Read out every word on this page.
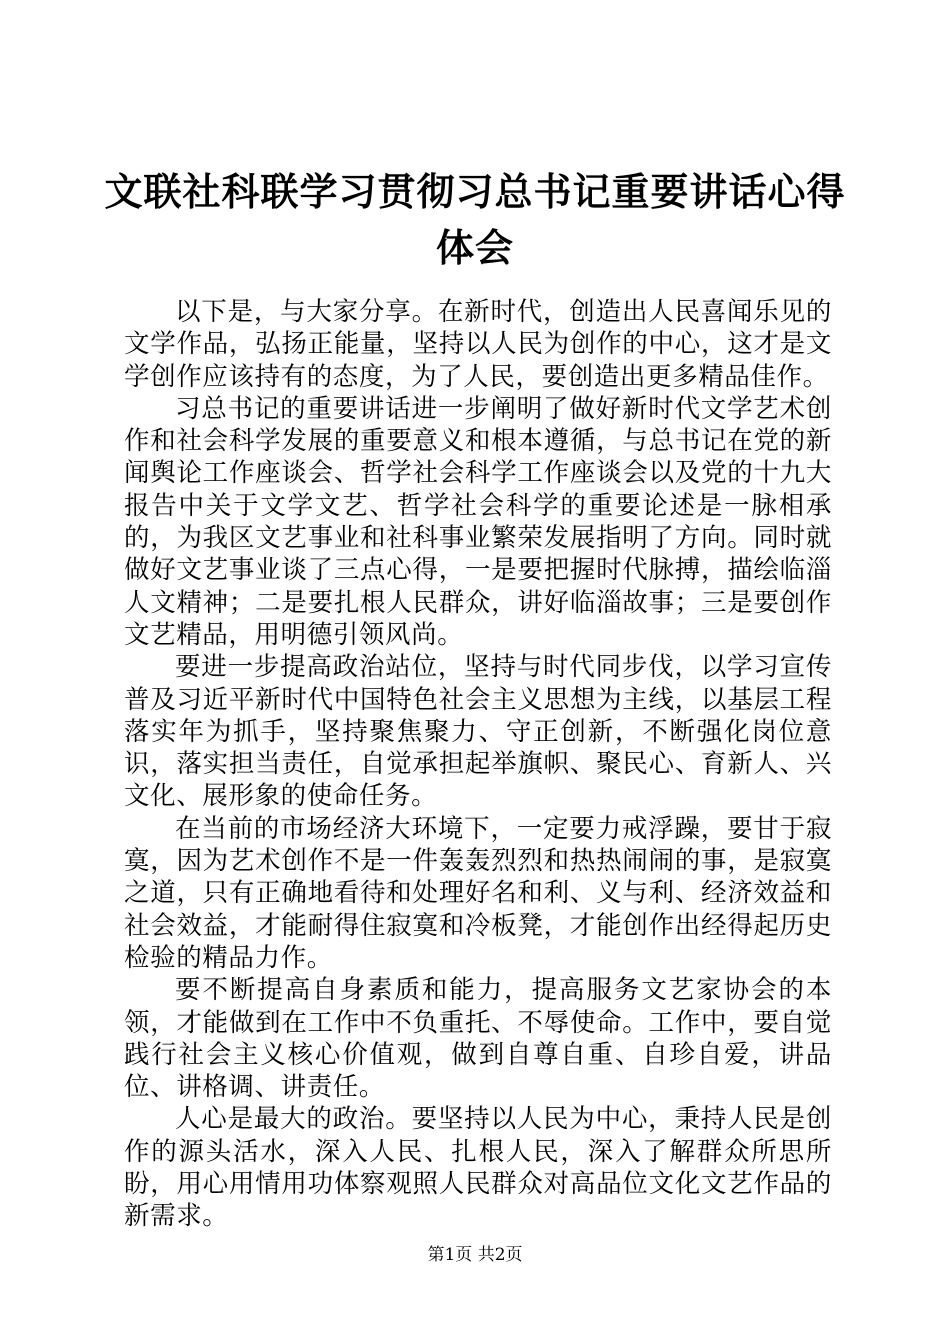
文联社科联学习贯彻习总书记重要讲话心得体会

以下是，与大家分享。在新时代，创造出人民喜闻乐见的文学作品，弘扬正能量，坚持以人民为创作的中心，这才是文学创作应该持有的态度，为了人民，要创造出更多精品佳作。

习总书记的重要讲话进一步阐明了做好新时代文学艺术创作和社会科学发展的重要意义和根本遵循，与总书记在党的新闻舆论工作座谈会、哲学社会科学工作座谈会以及党的十九大报告中关于文学文艺、哲学社会科学的重要论述是一脉相承的，为我区文艺事业和社科事业繁荣发展指明了方向。同时就做好文艺事业谈了三点心得，一是要把握时代脉搏，描绘临淄人文精神；二是要扎根人民群众，讲好临淄故事；三是要创作文艺精品，用明德引领风尚。

要进一步提高政治站位，坚持与时代同步伐，以学习宣传普及习近平新时代中国特色社会主义思想为主线，以基层工程落实年为抓手，坚持聚焦聚力、守正创新，不断强化岗位意识，落实担当责任，自觉承担起举旗帜、聚民心、育新人、兴文化、展形象的使命任务。

在当前的市场经济大环境下，一定要力戒浮躁，要甘于寂寞，因为艺术创作不是一件轰轰烈烈和热热闹闹的事，是寂寞之道，只有正确地看待和处理好名和利、义与利、经济效益和社会效益，才能耐得住寂寞和冷板凳，才能创作出经得起历史检验的精品力作。

要不断提高自身素质和能力，提高服务文艺家协会的本领，才能做到在工作中不负重托、不辱使命。工作中，要自觉践行社会主义核心价值观，做到自尊自重、自珍自爱，讲品位、讲格调、讲责任。

人心是最大的政治。要坚持以人民为中心，秉持人民是创作的源头活水，深入人民、扎根人民，深入了解群众所思所盼，用心用情用功体察观照人民群众对高品位文化文艺作品的新需求。

第1页 共2页
